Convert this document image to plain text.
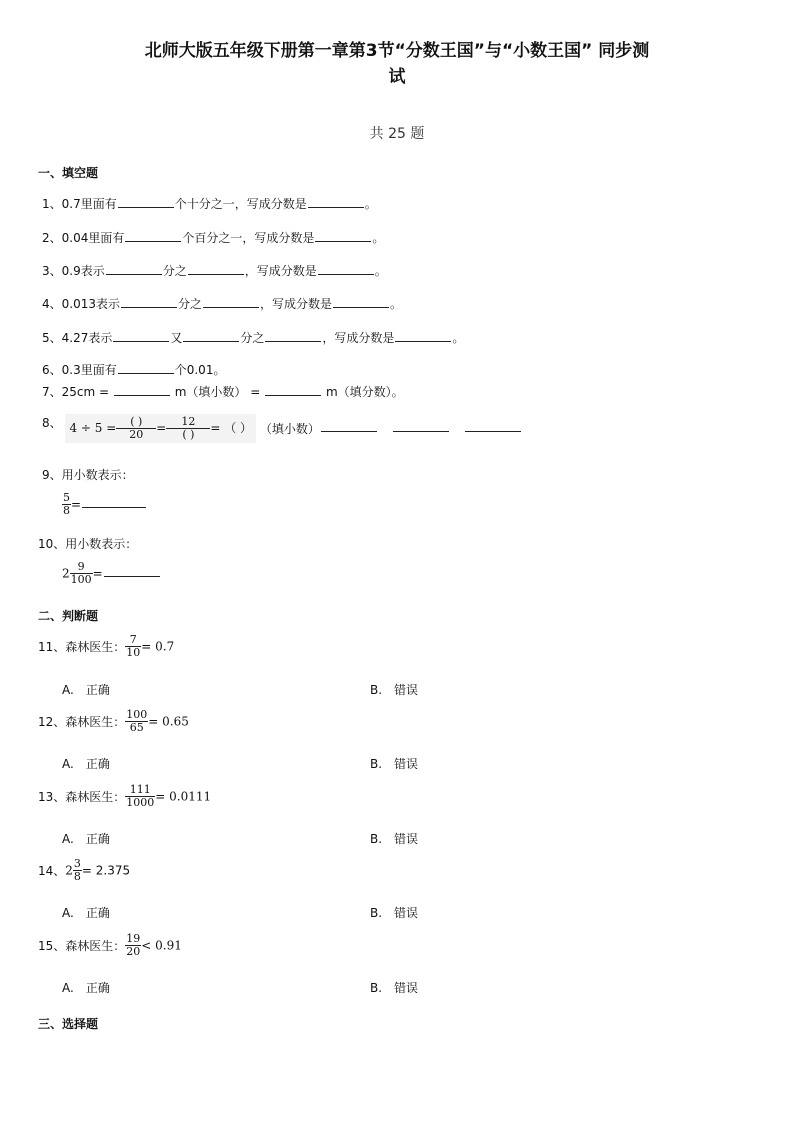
北师大版五年级下册第一章第3节“分数王国”与“小数王国” 同步测
试
共 25 题
一、填空题
1、0.7里面有	个十分之一，写成分数是	。
2、0.04里面有	个百分之一，写成分数是	。
3、0.9表示	分之	，写成分数是	。
4、0.013表示	分之	，写成分数是	。
5、4.27表示	又	分之	，写成分数是	。
6、0.3里面有	个0.01。
7、25cm =	m（填小数） =	m（填分数）。
8、 $4 \div 5 = \frac{( )}{20} = \frac{12}{( )}$ = （ ） （填小数）
9、用小数表示：
$\frac{5}{8}$ =
10、用小数表示：
$2 \frac{9}{100}$ =
二、判断题
11、森林医生： $\frac{7}{10} = 0.7$
A.　正确	B.　错误
12、森林医生： $\frac{100}{65} = 0.65$
A.　正确	B.　错误
13、森林医生： $\frac{111}{1000} = 0.0111$
A.　正确	B.　错误
14、$2 \frac{3}{8} = 2.375$
A.　正确	B.　错误
15、森林医生： $\frac{19}{20} < 0.91$
A.　正确	B.　错误
三、选择题
